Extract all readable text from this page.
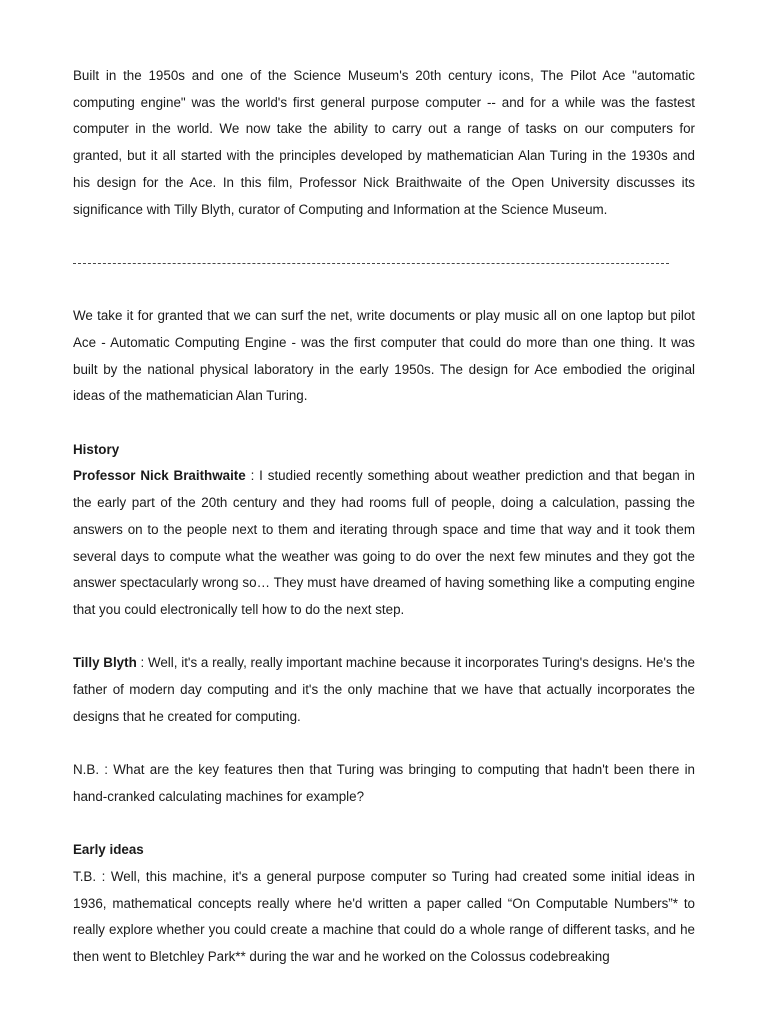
Built in the 1950s and one of the Science Museum's 20th century icons, The Pilot Ace "automatic computing engine" was the world's first general purpose computer -- and for a while was the fastest computer in the world. We now take the ability to carry out a range of tasks on our computers for granted, but it all started with the principles developed by mathematician Alan Turing in the 1930s and his design for the Ace. In this film, Professor Nick Braithwaite of the Open University discusses its significance with Tilly Blyth, curator of Computing and Information at the Science Museum.

We take it for granted that we can surf the net, write documents or play music all on one laptop but pilot Ace - Automatic Computing Engine - was the first computer that could do more than one thing. It was built by the national physical laboratory in the early 1950s. The design for Ace embodied the original ideas of the mathematician Alan Turing.

History

Professor Nick Braithwaite : I studied recently something about weather prediction and that began in the early part of the 20th century and they had rooms full of people, doing a calculation, passing the answers on to the people next to them and iterating through space and time that way and it took them several days to compute what the weather was going to do over the next few minutes and they got the answer spectacularly wrong so… They must have dreamed of having something like a computing engine that you could electronically tell how to do the next step.

Tilly Blyth : Well, it's a really, really important machine because it incorporates Turing's designs. He's the father of modern day computing and it's the only machine that we have that actually incorporates the designs that he created for computing.

N.B. : What are the key features then that Turing was bringing to computing that hadn't been there in hand-cranked calculating machines for example?

Early ideas

T.B. : Well, this machine, it's a general purpose computer so Turing had created some initial ideas in 1936, mathematical concepts really where he'd written a paper called “On Computable Numbers”* to really explore whether you could create a machine that could do a whole range of different tasks, and he then went to Bletchley Park** during the war and he worked on the Colossus codebreaking
